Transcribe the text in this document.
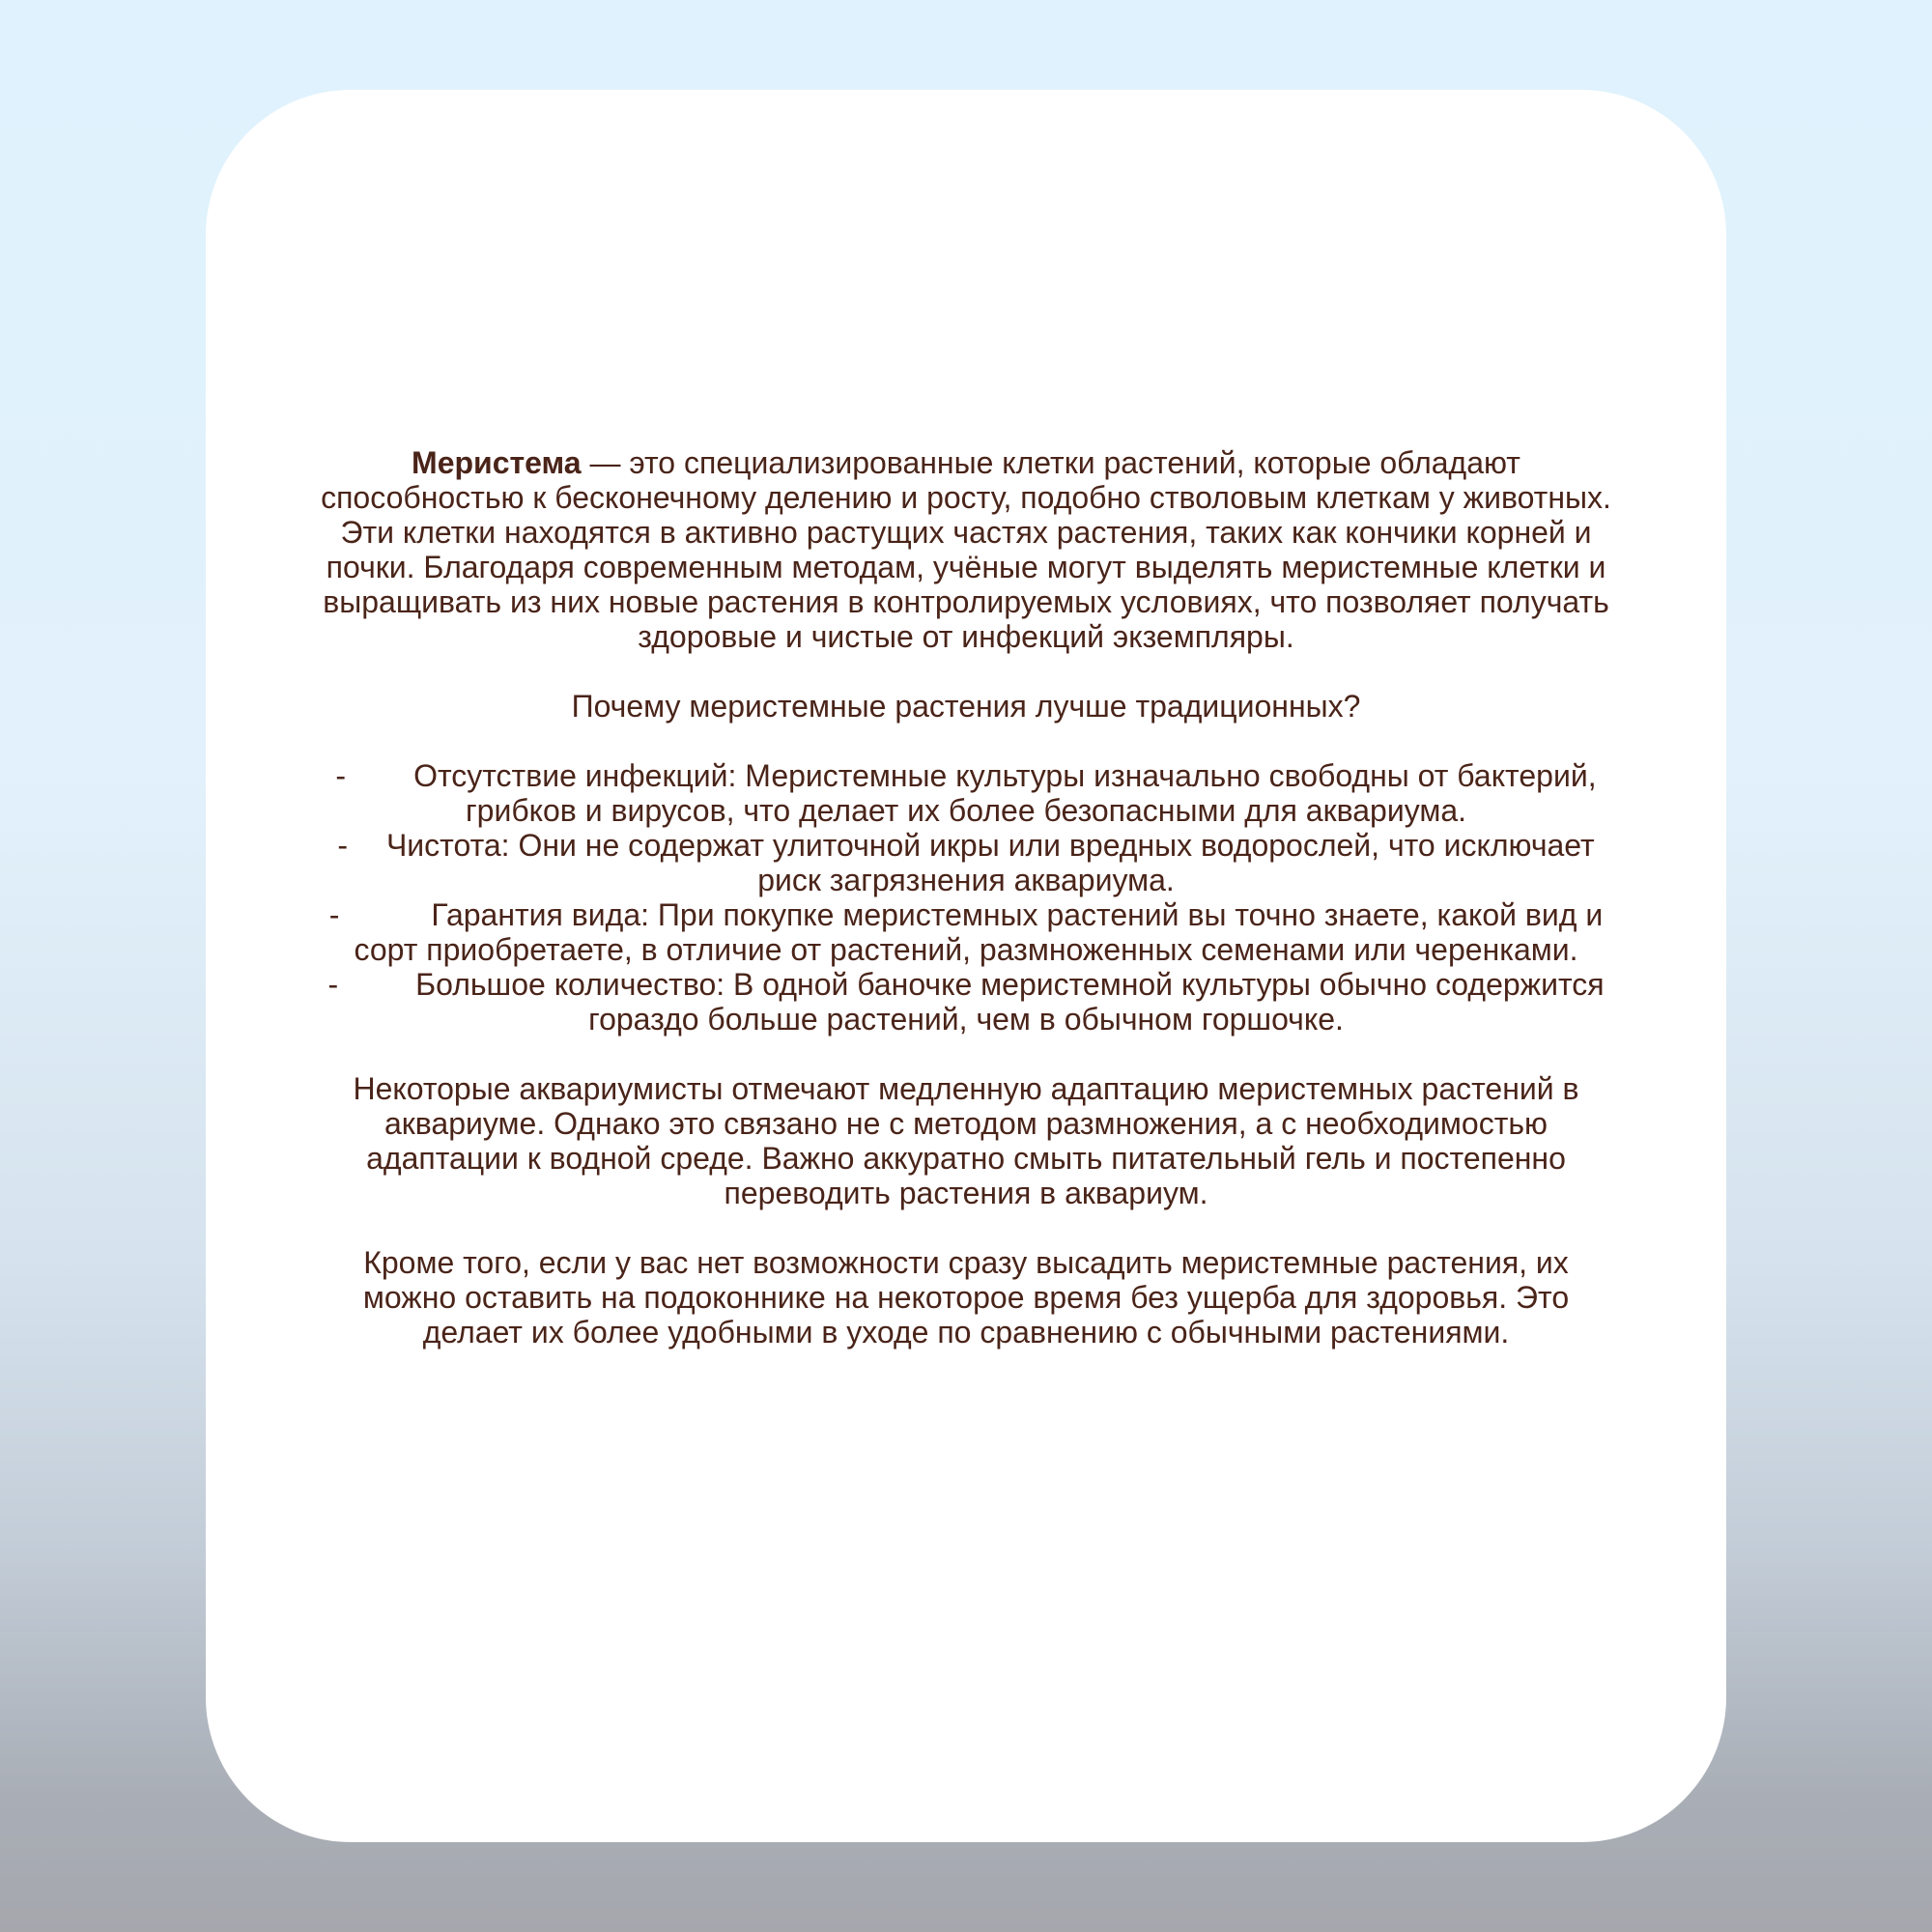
Меристема — это специализированные клетки растений, которые обладают способностью к бесконечному делению и росту, подобно стволовым клеткам у животных. Эти клетки находятся в активно растущих частях растения, таких как кончики корней и почки. Благодаря современным методам, учёные могут выделять меристемные клетки и выращивать из них новые растения в контролируемых условиях, что позволяет получать здоровые и чистые от инфекций экземпляры.

Почему меристемные растения лучше традиционных?

- Отсутствие инфекций: Меристемные культуры изначально свободны от бактерий, грибков и вирусов, что делает их более безопасными для аквариума.

- Чистота: Они не содержат улиточной икры или вредных водорослей, что исключает риск загрязнения аквариума.

-	Гарантия вида: При покупке меристемных растений вы точно знаете, какой вид и сорт приобретаете, в отличие от растений, размноженных семенами или черенками.

-	Большое количество: В одной баночке меристемной культуры обычно содержится гораздо больше растений, чем в обычном горшочке.

Некоторые аквариумисты отмечают медленную адаптацию меристемных растений в аквариуме. Однако это связано не с методом размножения, а с необходимостью адаптации к водной среде. Важно аккуратно смыть питательный гель и постепенно переводить растения в аквариум.

Кроме того, если у вас нет возможности сразу высадить меристемные растения, их можно оставить на подоконнике на некоторое время без ущерба для здоровья. Это делает их более удобными в уходе по сравнению с обычными растениями.
